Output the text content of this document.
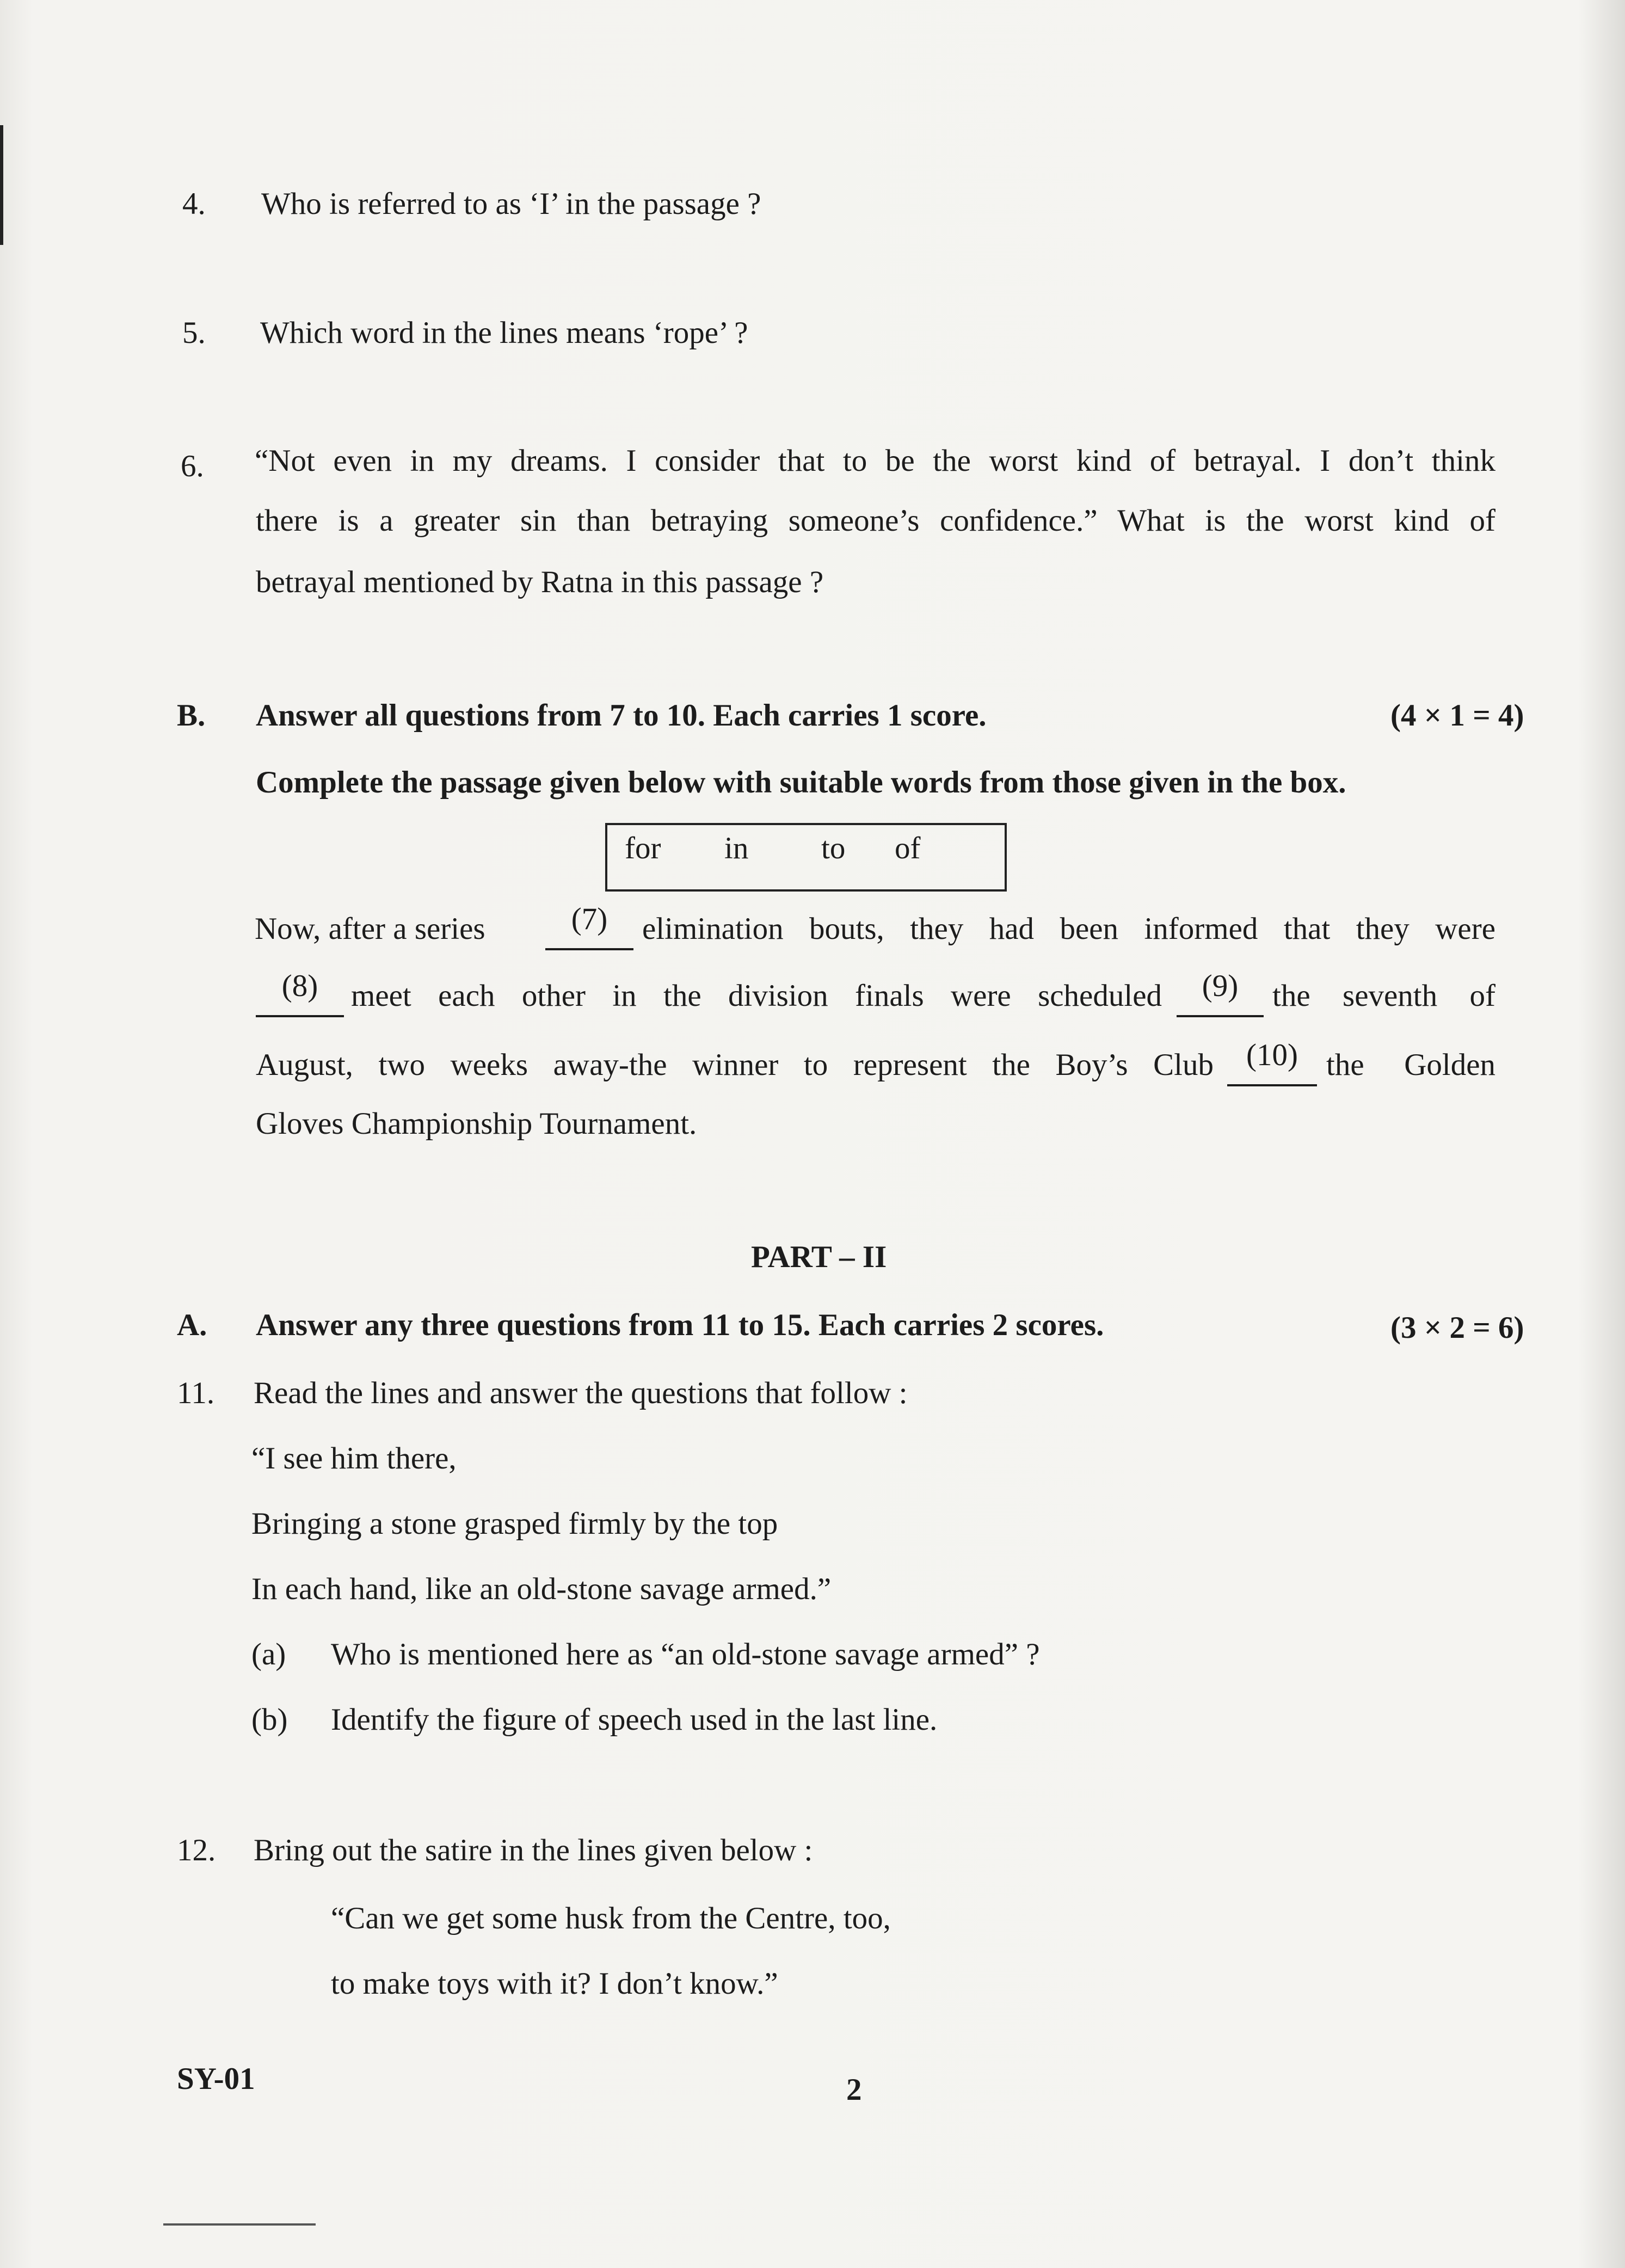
4. Who is referred to as ‘I’ in the passage ?
5. Which word in the lines means ‘rope’ ?
6. “Not even in my dreams. I consider that to be the worst kind of betrayal. I don’t think
there is a greater sin than betraying someone’s confidence.” What is the worst kind of
betrayal mentioned by Ratna in this passage ?
B. Answer all questions from 7 to 10. Each carries 1 score.	(4 × 1 = 4)
Complete the passage given below with suitable words from those given in the box.
for in to of
Now, after a series	(7)	elimination bouts, they had been informed that they were
(8)	meet each other in the division finals were scheduled	(9)	the seventh of
August, two weeks away-the winner to represent the Boy’s Club	(10) the Golden
Gloves Championship Tournament.
PART – II
A. Answer any three questions from 11 to 15. Each carries 2 scores.	(3 × 2 = 6)
11. Read the lines and answer the questions that follow :
“I see him there,
Bringing a stone grasped firmly by the top
In each hand, like an old-stone savage armed.”
(a) Who is mentioned here as “an old-stone savage armed” ?
(b) Identify the figure of speech used in the last line.
12. Bring out the satire in the lines given below :
“Can we get some husk from the Centre, too,
to make toys with it? I don’t know.”
SY-01	2
